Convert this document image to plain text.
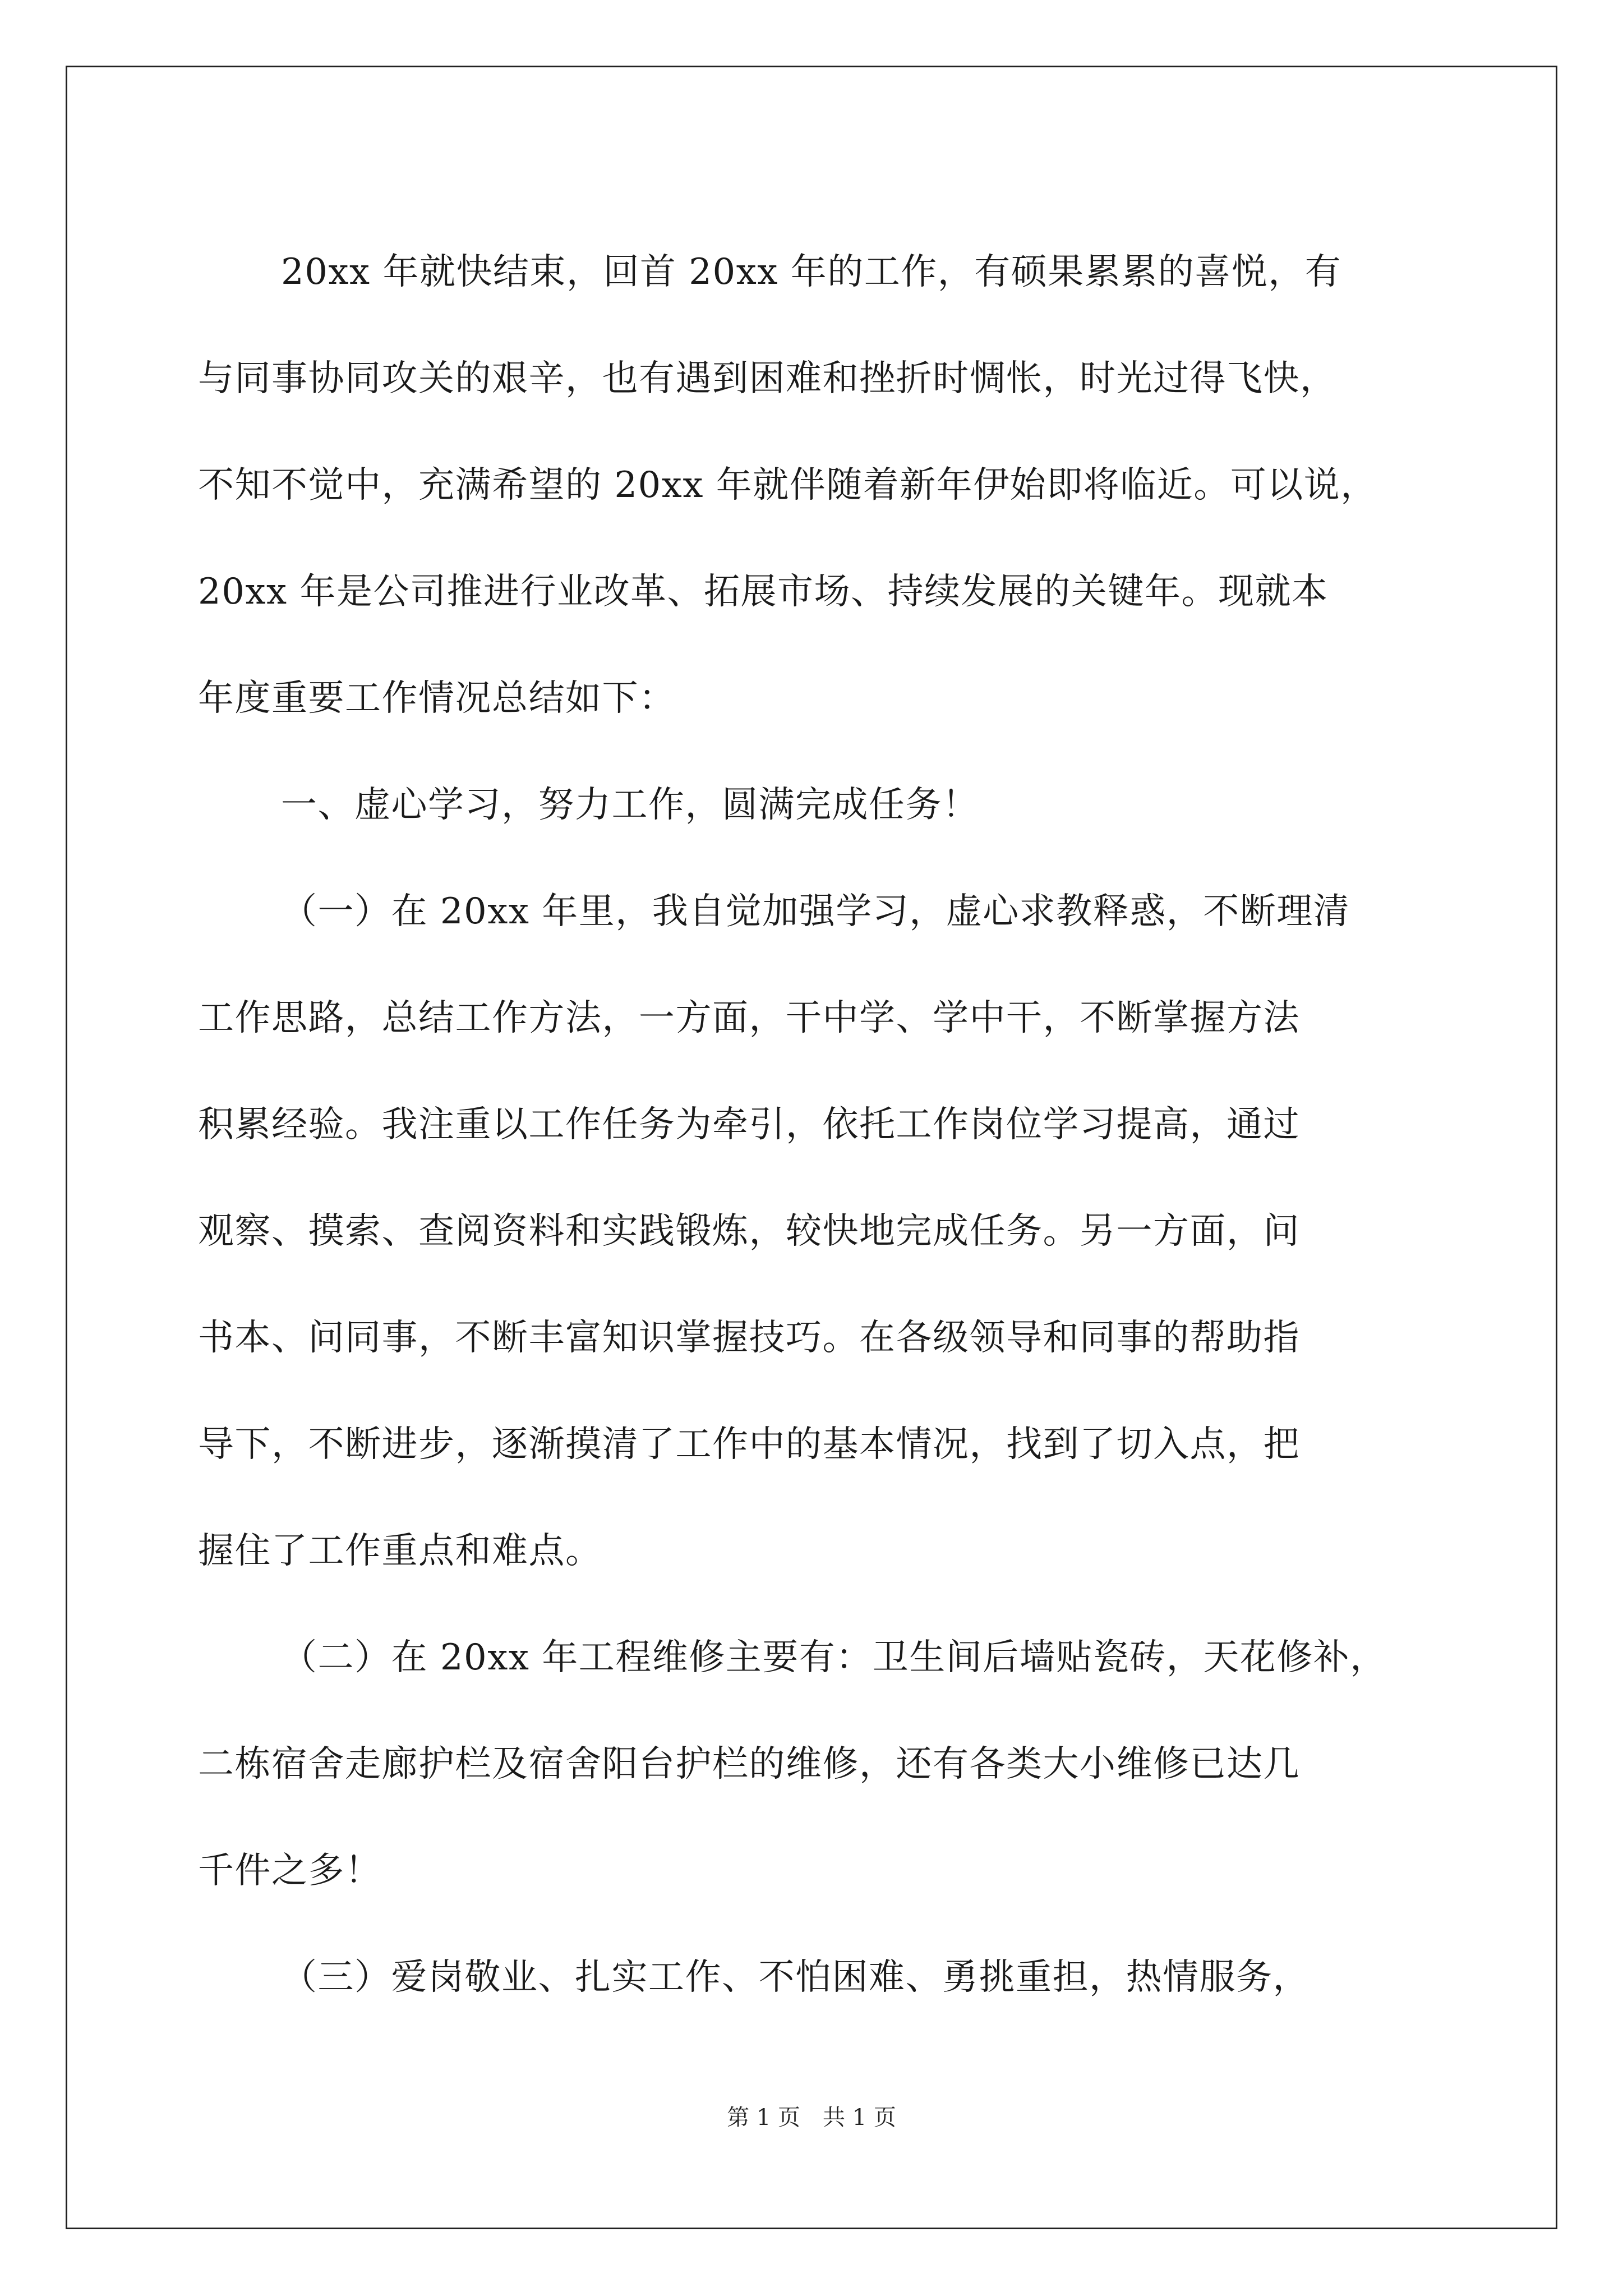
20xx 年就快结束，回首 20xx 年的工作，有硕果累累的喜悦，有
与同事协同攻关的艰辛，也有遇到困难和挫折时惆怅，时光过得飞快，
不知不觉中，充满希望的 20xx 年就伴随着新年伊始即将临近。可以说，
20xx 年是公司推进行业改革、拓展市场、持续发展的关键年。现就本
年度重要工作情况总结如下：
一、虚心学习，努力工作，圆满完成任务！
（一）在 20xx 年里，我自觉加强学习，虚心求教释惑，不断理清
工作思路，总结工作方法，一方面，干中学、学中干，不断掌握方法
积累经验。我注重以工作任务为牵引，依托工作岗位学习提高，通过
观察、摸索、查阅资料和实践锻炼，较快地完成任务。另一方面，问
书本、问同事，不断丰富知识掌握技巧。在各级领导和同事的帮助指
导下，不断进步，逐渐摸清了工作中的基本情况，找到了切入点，把
握住了工作重点和难点。
（二）在 20xx 年工程维修主要有：卫生间后墙贴瓷砖，天花修补，
二栋宿舍走廊护栏及宿舍阳台护栏的维修，还有各类大小维修已达几
千件之多！
（三）爱岗敬业、扎实工作、不怕困难、勇挑重担，热情服务，
第 1 页　共 1 页
